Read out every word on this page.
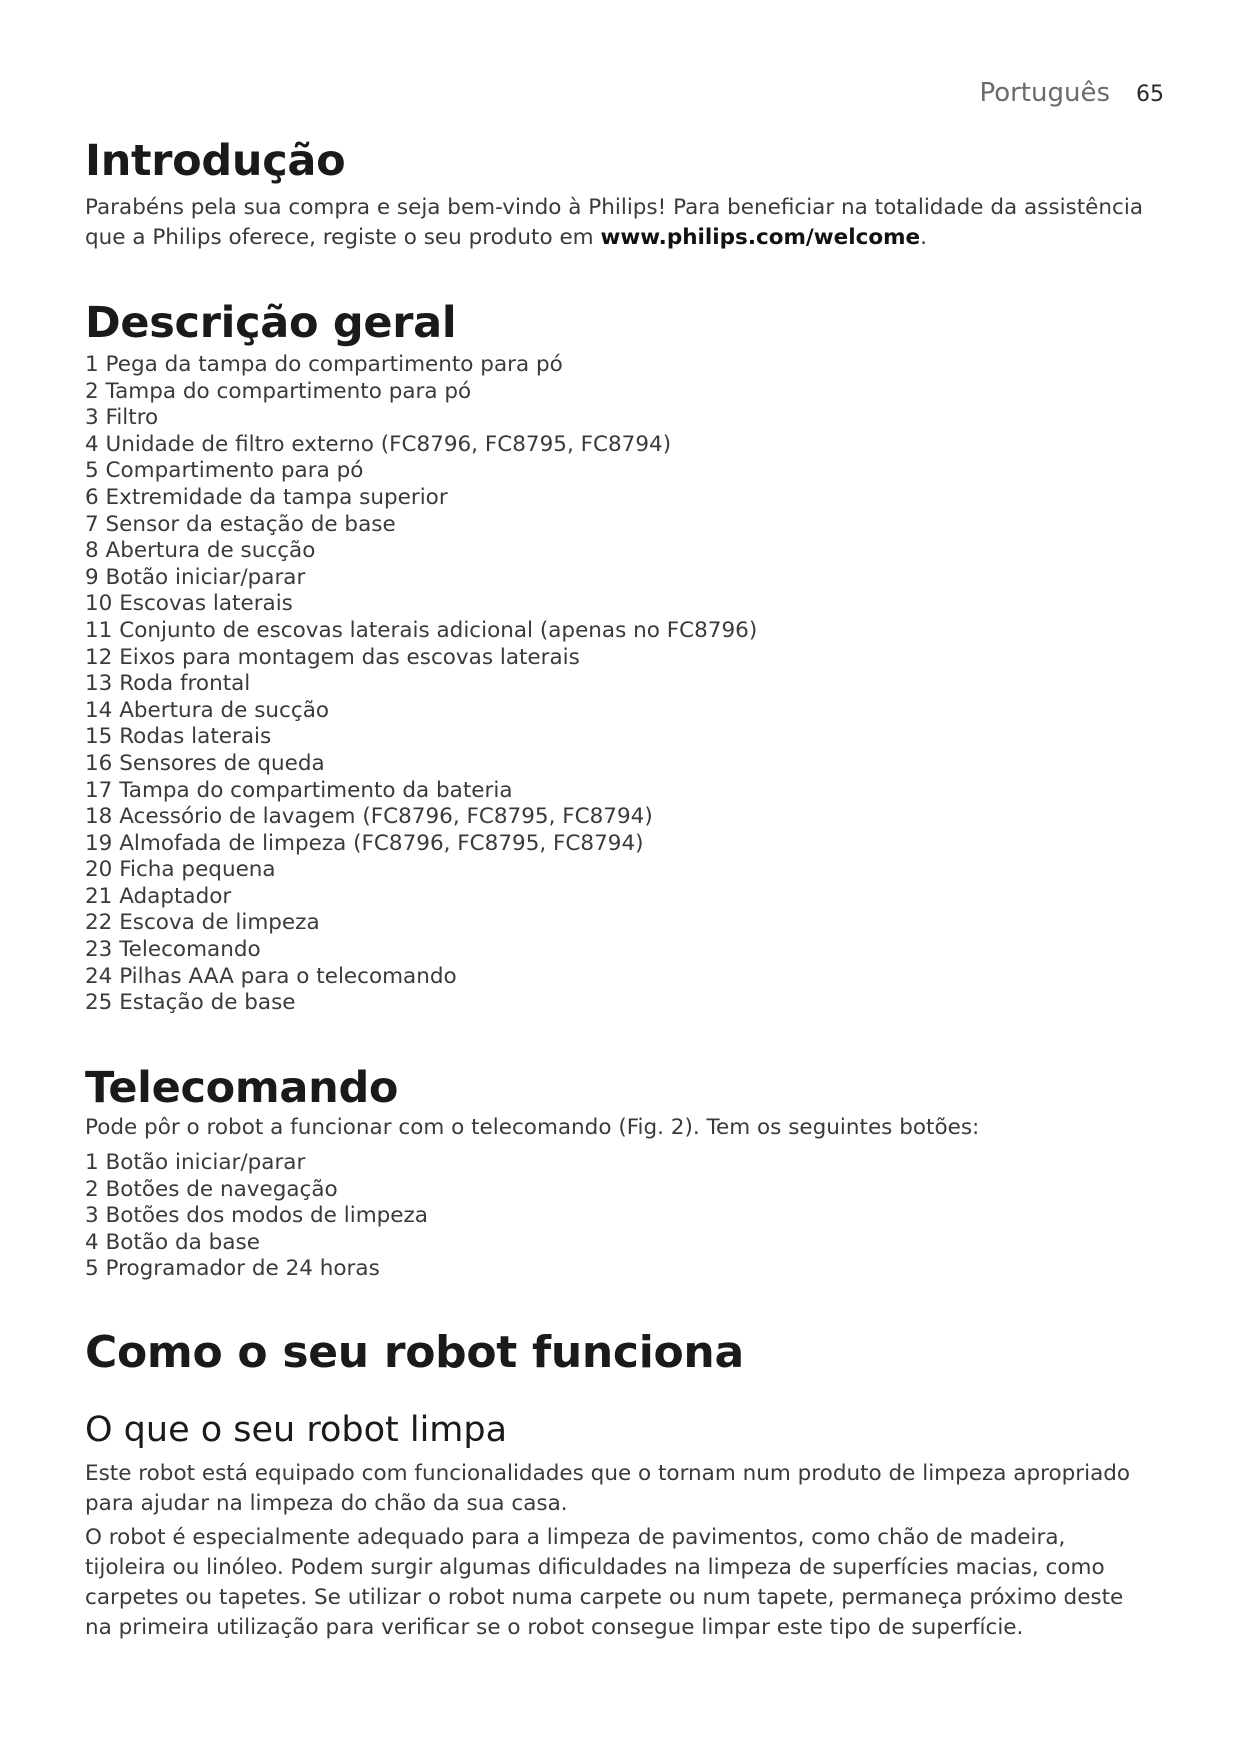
Português 65
Introdução

Parabéns pela sua compra e seja bem-vindo à Philips! Para beneficiar na totalidade da assistência que a Philips oferece, registe o seu produto em www.philips.com/welcome.

Descrição geral
1 Pega da tampa do compartimento para pó
2 Tampa do compartimento para pó
3 Filtro
4 Unidade de filtro externo (FC8796, FC8795, FC8794)
5 Compartimento para pó
6 Extremidade da tampa superior
7 Sensor da estação de base
8 Abertura de sucção
9 Botão iniciar/parar
10 Escovas laterais
11 Conjunto de escovas laterais adicional (apenas no FC8796)
12 Eixos para montagem das escovas laterais
13 Roda frontal
14 Abertura de sucção
15 Rodas laterais
16 Sensores de queda
17 Tampa do compartimento da bateria
18 Acessório de lavagem (FC8796, FC8795, FC8794)
19 Almofada de limpeza (FC8796, FC8795, FC8794)
20 Ficha pequena
21 Adaptador
22 Escova de limpeza
23 Telecomando
24 Pilhas AAA para o telecomando
25 Estação de base
Telecomando

Pode pôr o robot a funcionar com o telecomando (Fig. 2). Tem os seguintes botões:

1 Botão iniciar/parar
2 Botões de navegação
3 Botões dos modos de limpeza
4 Botão da base
5 Programador de 24 horas
Como o seu robot funciona
O que o seu robot limpa

Este robot está equipado com funcionalidades que o tornam num produto de limpeza apropriado para ajudar na limpeza do chão da sua casa.

O robot é especialmente adequado para a limpeza de pavimentos, como chão de madeira, tijoleira ou linóleo. Podem surgir algumas dificuldades na limpeza de superfícies macias, como carpetes ou tapetes. Se utilizar o robot numa carpete ou num tapete, permaneça próximo deste na primeira utilização para verificar se o robot consegue limpar este tipo de superfície.
